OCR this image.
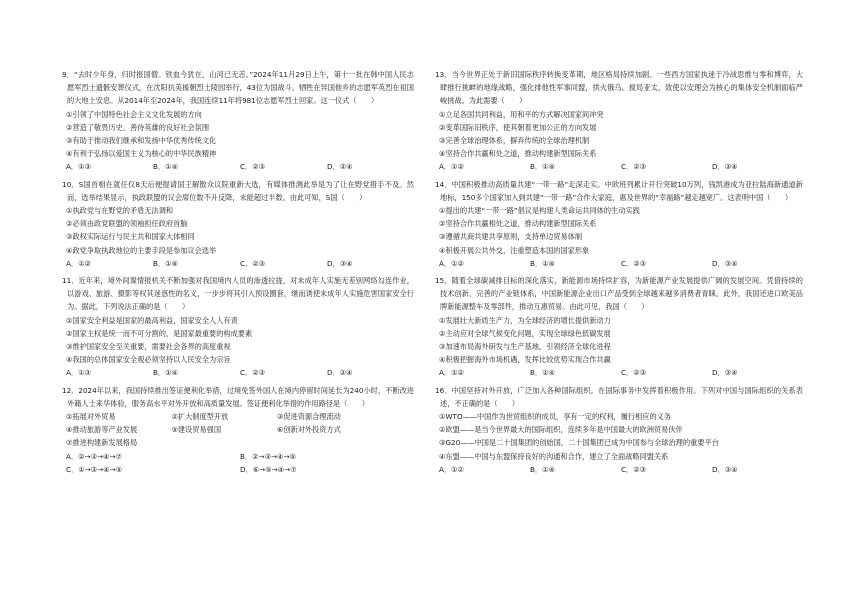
9．“去时少年身，归时报国僧。铁血今犹在，山河已无恙。”2024年11月29日上午，第十一批在韩中国人民志愿军烈士遗骸安葬仪式，在沈阳抗美援朝烈士陵园举行，43位为国战斗、牺牲在异国他乡的志愿军英烈在祖国的大地上安息。从2014年至2024年，我国连续11年将981位志愿军烈士回家。这一仪式（　　）
①引领了中国特色社会主义文化发展的方向
②营造了敬畏历史、善待英雄的良好社会氛围
③有助于推动我们继承和发扬中华优秀传统文化
④有利于弘扬以爱国主义为核心的中华民族精神
A．①③	B．①④	C．②③	D．②④
10．S国首相在就任仅8天后便提请国王解散众议院重新大选，有媒体推测此举是为了让在野党措手不及。然而，选举结果显示，执政联盟的议会席位数不升反降，未能超过半数。由此可知，S国（　　）
①执政党与在野党的矛盾无法调和
②必须由政党联盟的领袖担任政府首脑
③政权实际运行与民主共和国家大体相同
④政党争取执政地位的主要手段是参加议会选举
A．①②	B．①④	C．②③	D．③④
11．近年来，境外间谍情报机关不断加强对我国境内人员的渗透拉拢，对未成年人实施无差别网络勾连作业，以游戏、旅游、摄影等权其迷惑性的名义，一步步将其引入预设圈套，继而诱使未成年人实施危害国家安全行为。据此，下列说法正确的是（　　）
①国家安全利益是国家的最高利益，国家安全人人有责
②国家主权是统一而不可分割的，是国家最重要的构成要素
③维护国家安全至关重要，需要社会各界的高度重视
④我国的总体国家安全观必须坚持以人民安全为宗旨
A．①③	B．①④	C．②③	D．②④
12．2024年以来，我国持续推出签证便利化举措，过境免签外国人在境内停留时间延长为240小时，不断改进外籍人士来华体验，服务高水平对外开放和高质量发展。签证便利化举措的作用路径是（　　）
①拓展对外贸易	②扩大制度型开放	③促进资源合理流动
④推动旅游等产业发展	⑤建设贸易强国	⑥创新对外投资方式
⑦推进构建新发展格局
A．②→③→④→⑦	B．②→③→④→⑤
C．①→③→④→⑤	D．⑥→⑤→④→⑦
13．当今世界正处于新旧国际秩序转换变革期，地区格局持续加剧。一些西方国家执迷于冷战思维与零和博弈，大肆推行挑衅的地缘战略，强化排他性军事同盟，拱火俄乌、搅局亚太，致使以安理会为核心的集体安全机制面临严峻挑战。为此需要（　　）
①立足各国共同利益，用和平的方式解决国家间冲突
②变革国际旧秩序，使其朝着更加公正的方向发展
③完善全球治理体系，摒弃传统的全球治理机制
④坚持合作共赢和处之道，推动构建新型国际关系
A．①②	B．①④	C．②③	D．③④
14．中国积极推动高质量共建“一带一路”走深走实。中欧班列累计开行突破10万列，钱凯港成为亚拉陆海新通道新地标，150多个国家加入到共建“一带一路”合作大家庭，惠及世界的“幸福路”越走越宽广。这表明中国（　　）
①提出的共建“一带一路”倡议是构建人类命运共同体的生动实践
②坚持合作共赢相处之道，推动构建新型国际关系
③遵循共商共建共享原则，支持单边贸易体制
④积极开展公共外交，注重塑造本国的国家形象
A．①②	B．①④	C．②③	D．③④
15．随着全球碳减排目标的深化落实，新能源市场持续扩容，为新能源产业发展提供广阔的发展空间。凭借持续的技术创新、完善的产业链体系，中国新能源企业出口产品受到全球越来越多消费者青睐。此外，我国还进口欧美品牌新能源整车及零部件，推动互惠贸易。由此可见，我国（　　）
①发展壮大新质生产力，为全球经济的增长提供新动力
②主动应对全球气候变化问题，实现全球绿色低碳发展
③加速布局海外研发与生产基地，引领经济全球化进程
④积极把握海外市场机遇，发挥比较优势实现合作共赢
A．①②	B．①④	C．②③	D．③④
16．中国坚持对外开放，广泛加入各种国际组织，在国际事务中发挥着积极作用。下列对中国与国际组织的关系表述，不正确的是（　　）
①WTO——中国作为世贸组织的成员，享有一定的权利，履行相应的义务
②欧盟——是当今世界最大的国际组织，连续多年是中国最大的欧洲贸易伙伴
③G20——中国是二十国集团的创始国，二十国集团已成为中国参与全球治理的重要平台
④东盟——中国与东盟保持良好的沟通和合作，建立了全面战略同盟关系
A．①②	B．①④	C．②③	D．③④
